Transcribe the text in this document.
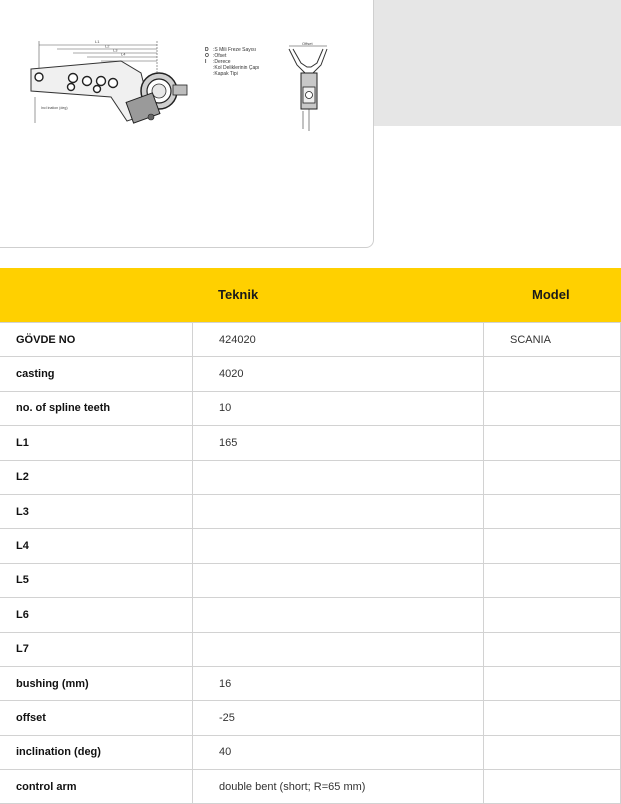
L1
L2
L3
L4
Incl ination (deg)
Offset
D :S Mili Freze Sayısı
O :Ofset
I :Derece
:Kol Deliklerinin Çapı
:Kapak Tipi
Teknik	Model
GÖVDE NO	424020	SCANIA
casting	4020	
no. of spline teeth	10	
L1	165	
L2		
L3		
L4		
L5		
L6		
L7		
bushing (mm)	16	
offset	-25	
inclination (deg)	40	
control arm	double bent (short; R=65 mm)	
